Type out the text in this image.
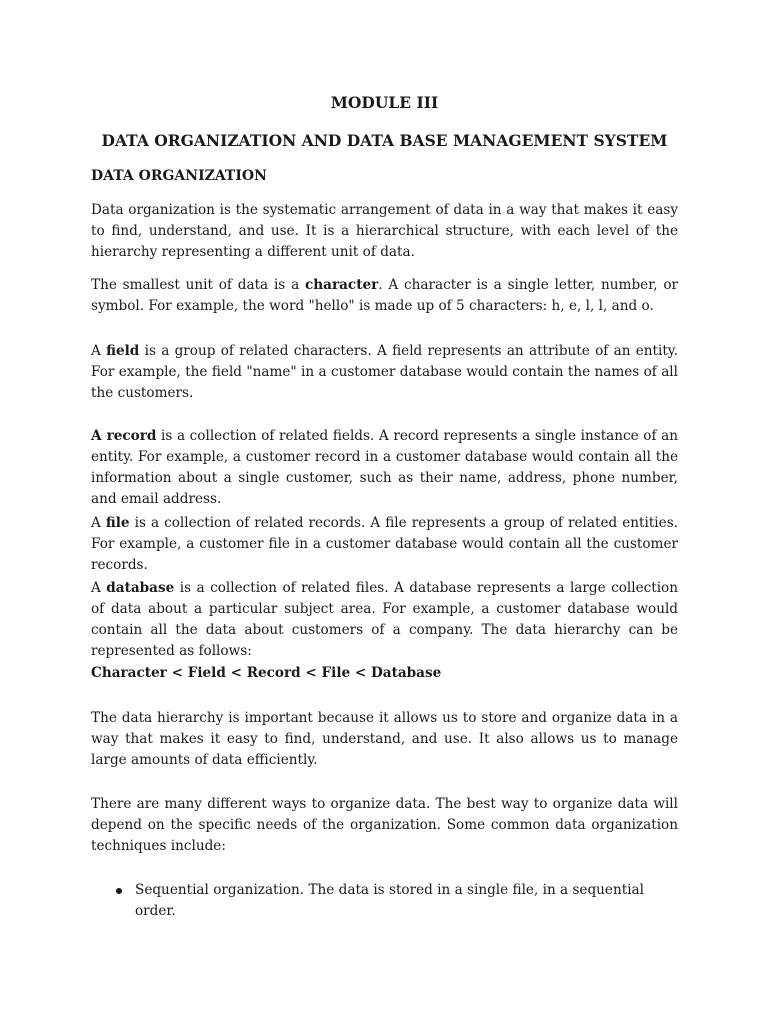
MODULE III
DATA ORGANIZATION AND DATA BASE MANAGEMENT SYSTEM
DATA ORGANIZATION

Data organization is the systematic arrangement of data in a way that makes it easy to find, understand, and use. It is a hierarchical structure, with each level of the hierarchy representing a different unit of data.

The smallest unit of data is a character. A character is a single letter, number, or symbol. For example, the word "hello" is made up of 5 characters: h, e, l, l, and o.

A field is a group of related characters. A field represents an attribute of an entity. For example, the field "name" in a customer database would contain the names of all the customers.

A record is a collection of related fields. A record represents a single instance of an entity. For example, a customer record in a customer database would contain all the information about a single customer, such as their name, address, phone number, and email address.

A file is a collection of related records. A file represents a group of related entities. For example, a customer file in a customer database would contain all the customer records.

A database is a collection of related files. A database represents a large collection of data about a particular subject area. For example, a customer database would contain all the data about customers of a company. The data hierarchy can be represented as follows:

Character < Field < Record < File < Database

The data hierarchy is important because it allows us to store and organize data in a way that makes it easy to find, understand, and use. It also allows us to manage large amounts of data efficiently.

There are many different ways to organize data. The best way to organize data will depend on the specific needs of the organization. Some common data organization techniques include:

Sequential organization. The data is stored in a single file, in a sequential order.
